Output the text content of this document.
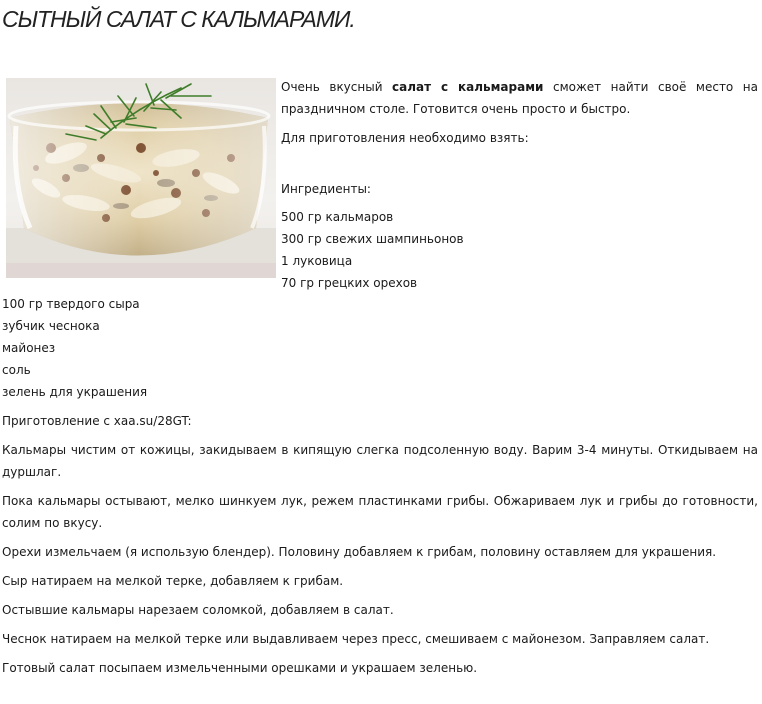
СЫТНЫЙ САЛАТ С КАЛЬМАРАМИ.

Очень вкусный салат с кальмарами сможет найти своё место на праздничном столе. Готовится очень просто и быстро.

Для приготовления необходимо взять:

Ингредиенты:

500 гр кальмаров

300 гр свежих шампиньонов

1 луковица

70 гр грецких орехов

100 гр твердого сыра

зубчик чеснока

майонез

соль

зелень для украшения

Приготовление с xaa.su/28GT:

Кальмары чистим от кожицы, закидываем в кипящую слегка подсоленную воду. Варим 3-4 минуты. Откидываем на дуршлаг.

Пока кальмары остывают, мелко шинкуем лук, режем пластинками грибы. Обжариваем лук и грибы до готовности, солим по вкусу.

Орехи измельчаем (я использую блендер). Половину добавляем к грибам, половину оставляем для украшения.

Сыр натираем на мелкой терке, добавляем к грибам.

Остывшие кальмары нарезаем соломкой, добавляем в салат.

Чеснок натираем на мелкой терке или выдавливаем через пресс, смешиваем с майонезом. Заправляем салат.

Готовый салат посыпаем измельченными орешками и украшаем зеленью.
